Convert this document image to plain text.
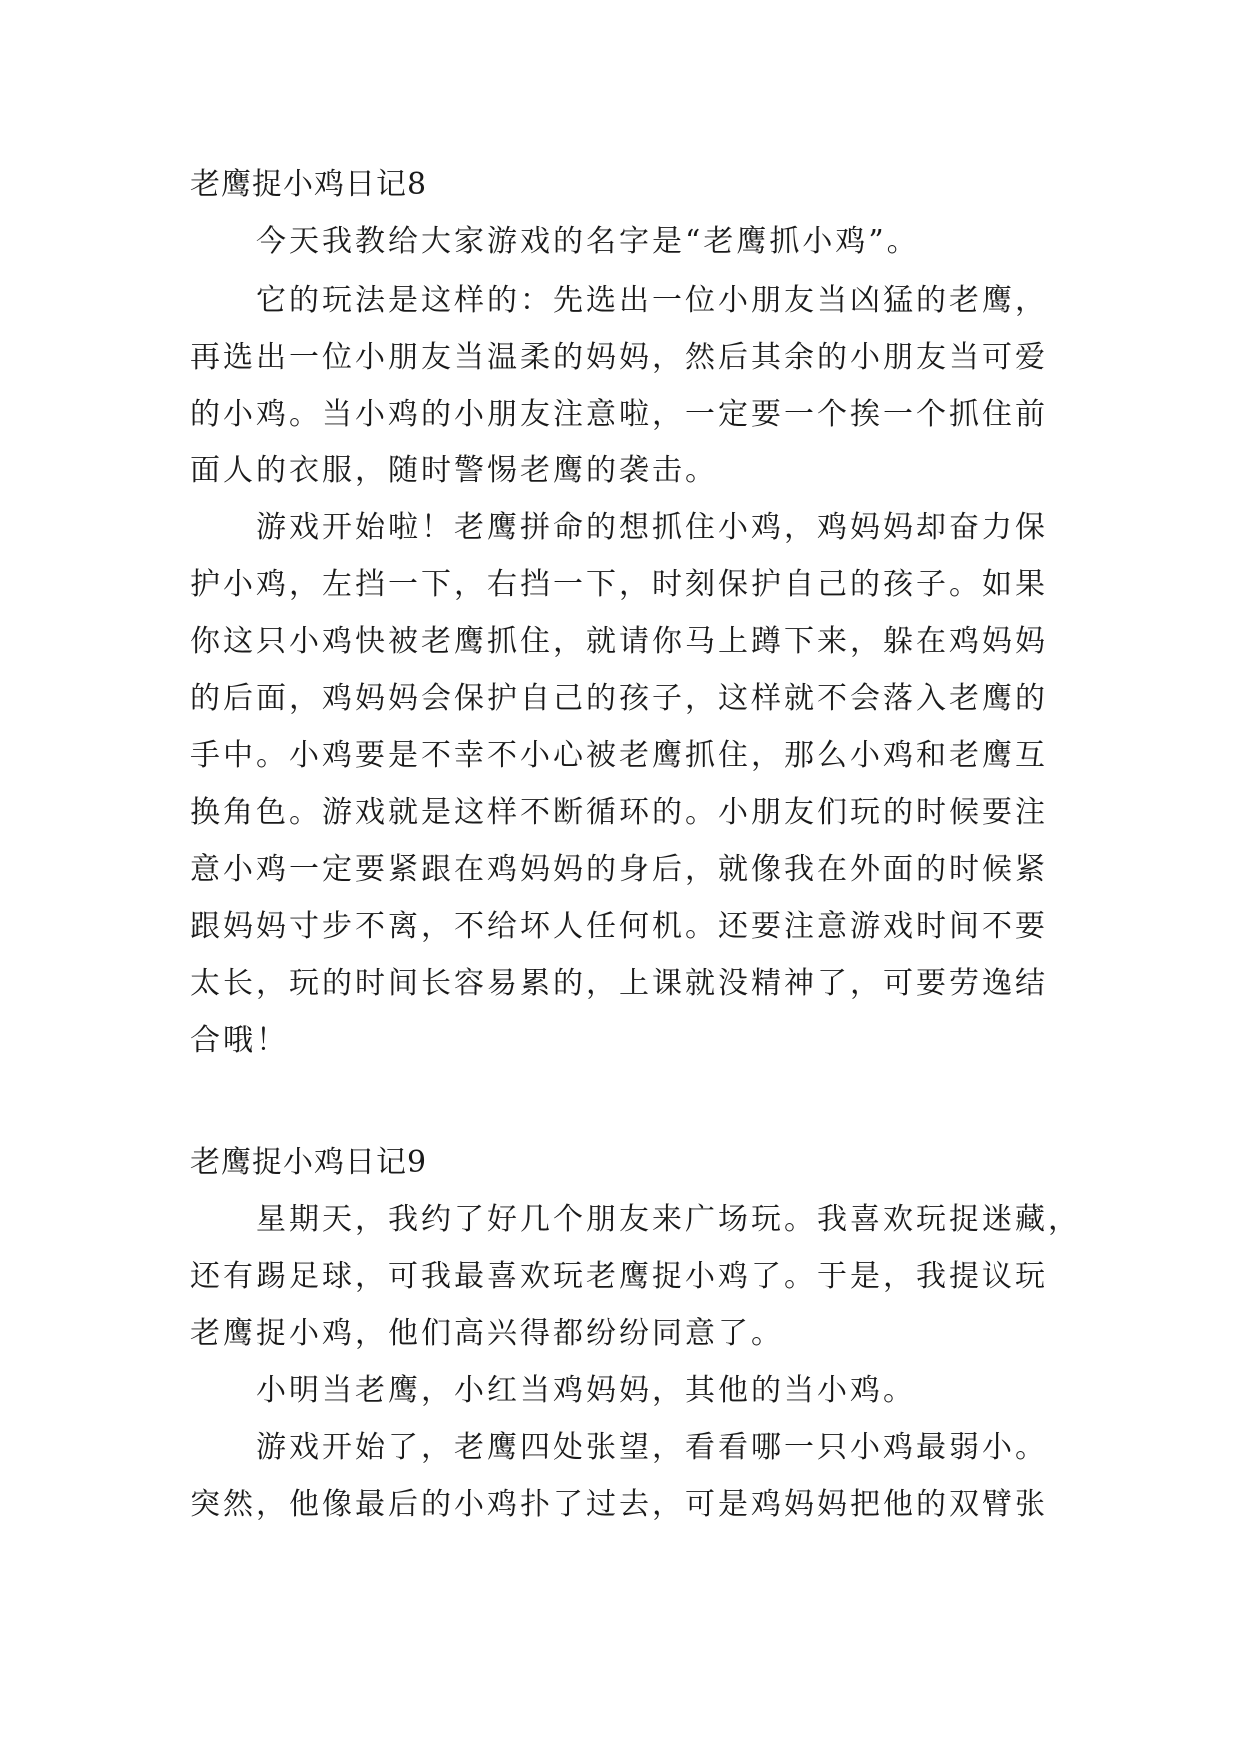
老鹰捉小鸡日记8

今天我教给大家游戏的名字是“老鹰抓小鸡”。

它的玩法是这样的：先选出一位小朋友当凶猛的老鹰，

再选出一位小朋友当温柔的妈妈，然后其余的小朋友当可爱

的小鸡。当小鸡的小朋友注意啦，一定要一个挨一个抓住前

面人的衣服，随时警惕老鹰的袭击。

游戏开始啦！老鹰拼命的想抓住小鸡，鸡妈妈却奋力保

护小鸡，左挡一下，右挡一下，时刻保护自己的孩子。如果

你这只小鸡快被老鹰抓住，就请你马上蹲下来，躲在鸡妈妈

的后面，鸡妈妈会保护自己的孩子，这样就不会落入老鹰的

手中。小鸡要是不幸不小心被老鹰抓住，那么小鸡和老鹰互

换角色。游戏就是这样不断循环的。小朋友们玩的时候要注

意小鸡一定要紧跟在鸡妈妈的身后，就像我在外面的时候紧

跟妈妈寸步不离，不给坏人任何机。还要注意游戏时间不要

太长，玩的时间长容易累的，上课就没精神了，可要劳逸结

合哦！

老鹰捉小鸡日记9

星期天，我约了好几个朋友来广场玩。我喜欢玩捉迷藏，

还有踢足球，可我最喜欢玩老鹰捉小鸡了。于是，我提议玩

老鹰捉小鸡，他们高兴得都纷纷同意了。

小明当老鹰，小红当鸡妈妈，其他的当小鸡。

游戏开始了，老鹰四处张望，看看哪一只小鸡最弱小。

突然，他像最后的小鸡扑了过去，可是鸡妈妈把他的双臂张
